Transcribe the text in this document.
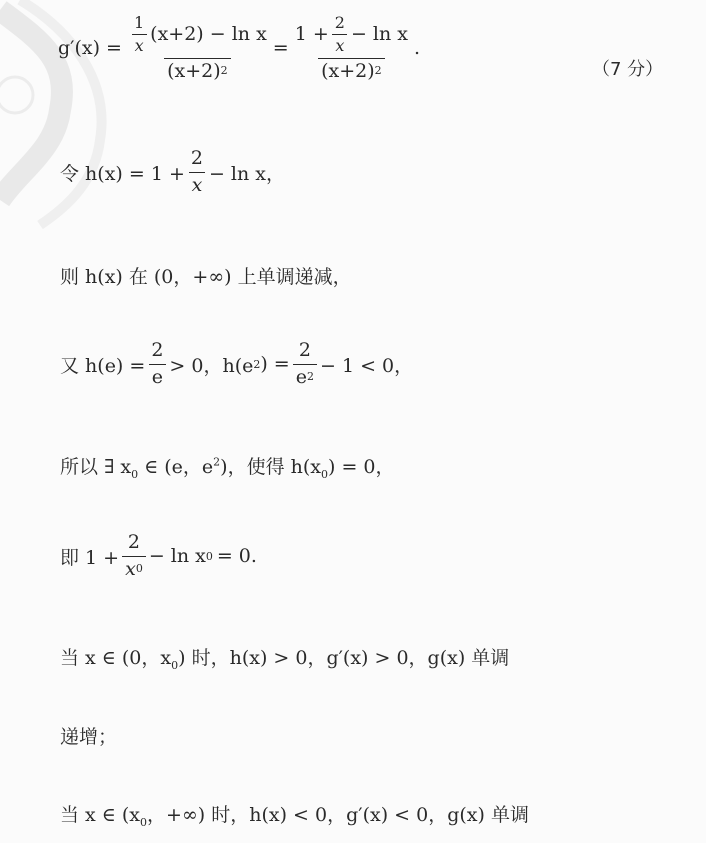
$g'(x) = \frac{\frac{1}{x} (x+2) - \ln x}{(x+2) 2} = \frac{1 + \frac{2}{x} - \ln x}{(x+2) 2}$ .
（7 分）
令 $h(x) = 1 + \frac{2}{x} - \ln x$，
则 h(x) 在 (0，+∞) 上单调递减，
又 $h(e) = \frac{2}{e} > 0$，h(e 2 ) = $\frac{2}{e 2} - 1 < 0$，
所以 ∃ $x_0$ ∈ (e，$e^2$)，使得 $h(x_0) = 0$，
即 $1 + \frac{2}{x 0} - \ln x$ 0 = 0.
当 x ∈ (0，$x_0$) 时，h(x) > 0，g′(x) > 0，g(x) 单调
递增；
当 x ∈ ($x_0$，+∞) 时，h(x) < 0，g′(x) < 0，g(x) 单调
